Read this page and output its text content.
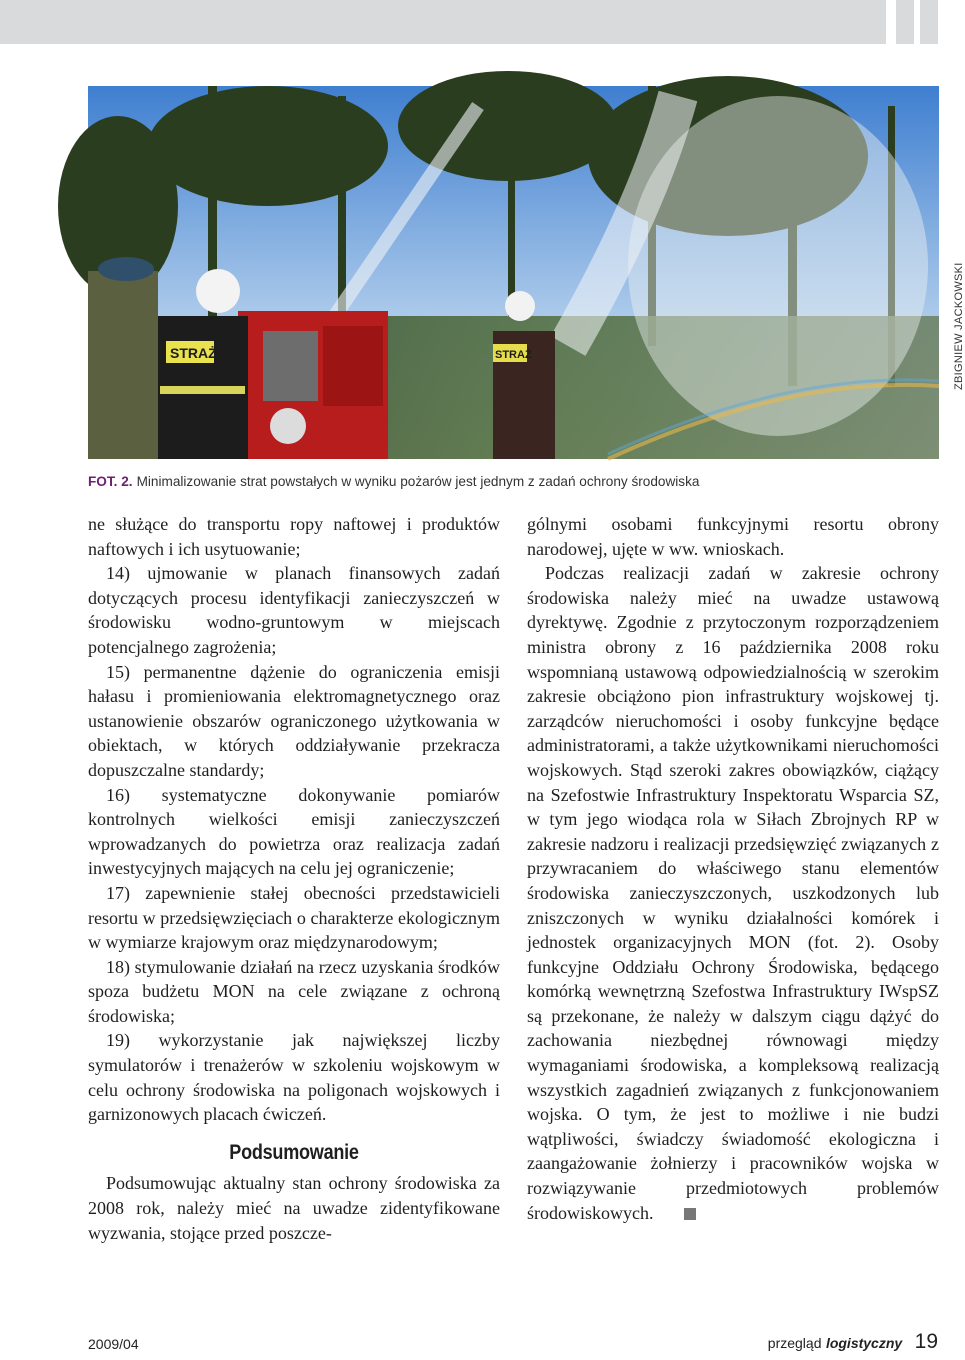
STRAŻ	STRAŻ	ZBIGNIEW JACKOWSKI
FOT. 2. Minimalizowanie strat powstałych w wyniku pożarów jest jednym z zadań ochrony środowiska

ne służące do transportu ropy naftowej i produktów naftowych i ich usytuowanie;

14) ujmowanie w planach finansowych zadań dotyczących procesu identyfikacji zanieczyszczeń w środowisku wodno-gruntowym w miejscach potencjalnego zagrożenia;

15) permanentne dążenie do ograniczenia emisji hałasu i promieniowania elektromagnetycznego oraz ustanowienie obszarów ograniczonego użytkowania w obiektach, w których oddziaływanie przekracza dopuszczalne standardy;

16) systematyczne dokonywanie pomiarów kontrolnych wielkości emisji zanieczyszczeń wprowadzanych do powietrza oraz realizacja zadań inwestycyjnych mających na celu jej ograniczenie;

17) zapewnienie stałej obecności przedstawicieli resortu w przedsięwzięciach o charakterze ekologicznym w wymiarze krajowym oraz międzynarodowym;

18) stymulowanie działań na rzecz uzyskania środków spoza budżetu MON na cele związane z ochroną środowiska;

19) wykorzystanie jak największej liczby symulatorów i trenażerów w szkoleniu wojskowym w celu ochrony środowiska na poligonach wojskowych i garnizonowych placach ćwiczeń.

Podsumowanie

Podsumowując aktualny stan ochrony środowiska za 2008 rok, należy mieć na uwadze zidentyfikowane wyzwania, stojące przed poszcze-

gólnymi osobami funkcyjnymi resortu obrony narodowej, ujęte w ww. wnioskach.

Podczas realizacji zadań w zakresie ochrony środowiska należy mieć na uwadze ustawową dyrektywę. Zgodnie z przytoczonym rozporządzeniem ministra obrony z 16 października 2008 roku wspomnianą ustawową odpowiedzialnością w szerokim zakresie obciążono pion infrastruktury wojskowej tj. zarządców nieruchomości i osoby funkcyjne będące administratorami, a także użytkownikami nieruchomości wojskowych. Stąd szeroki zakres obowiązków, ciążący na Szefostwie Infrastruktury Inspektoratu Wsparcia SZ, w tym jego wiodąca rola w Siłach Zbrojnych RP w zakresie nadzoru i realizacji przedsięwzięć związanych z przywracaniem do właściwego stanu elementów środowiska zanieczyszczonych, uszkodzonych lub zniszczonych w wyniku działalności komórek i jednostek organizacyjnych MON (fot. 2). Osoby funkcyjne Oddziału Ochrony Środowiska, będącego komórką wewnętrzną Szefostwa Infrastruktury IWspSZ są przekonane, że należy w dalszym ciągu dążyć do zachowania niezbędnej równowagi między wymaganiami środowiska, a kompleksową realizacją wszystkich zagadnień związanych z funkcjonowaniem wojska. O tym, że jest to możliwe i nie budzi wątpliwości, świadczy świadomość ekologiczna i zaangażowanie żołnierzy i pracowników wojska w rozwiązywanie przedmiotowych problemów środowiskowych.

2009/04	przegląd logistyczny 19
